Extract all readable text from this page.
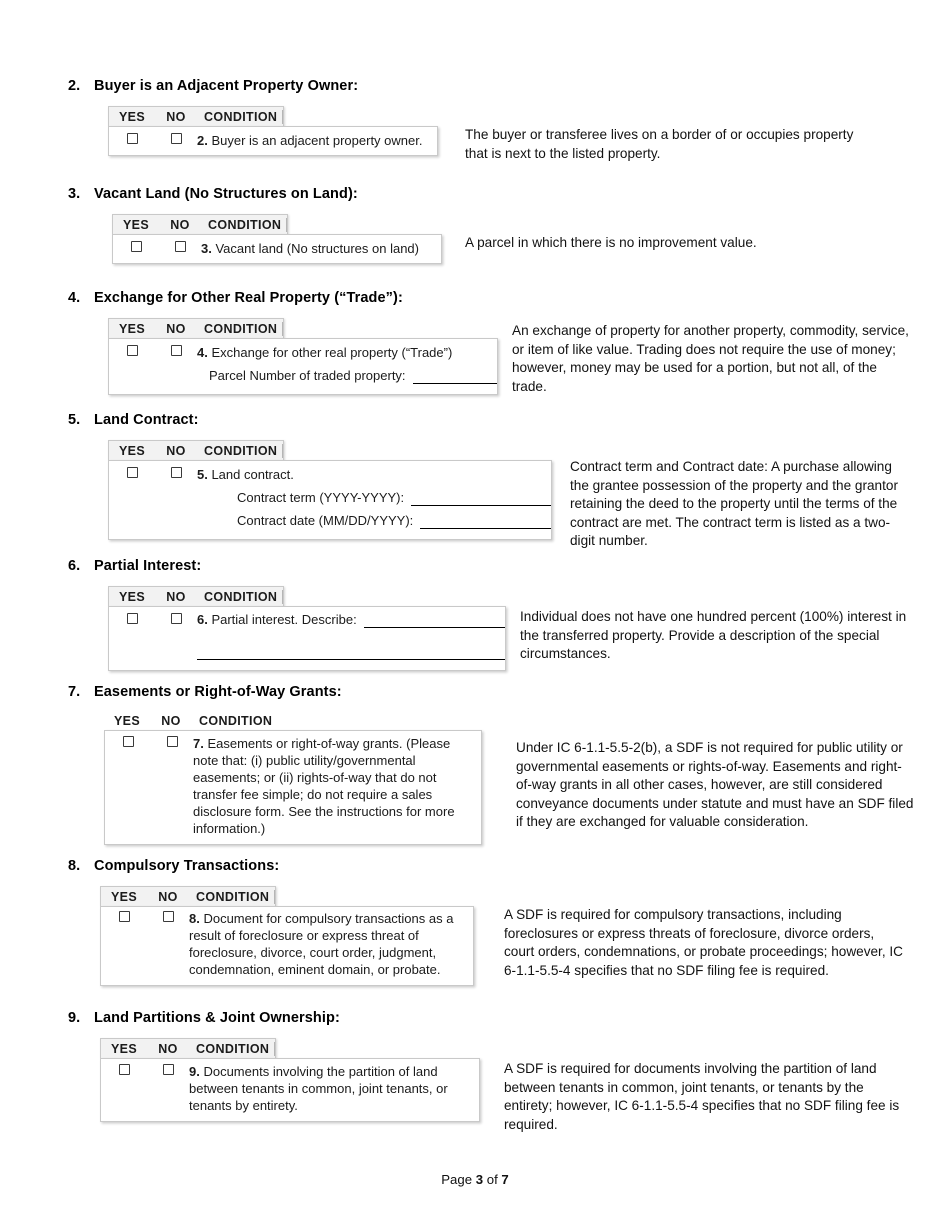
2. Buyer is an Adjacent Property Owner:
YES	NO	CONDITION
2. Buyer is an adjacent property owner.	The buyer or transferee lives on a border of or occupies property that is next to the listed property.
3. Vacant Land (No Structures on Land):
YES	NO	CONDITION
3. Vacant land (No structures on land)	A parcel in which there is no improvement value.
4. Exchange for Other Real Property (“Trade”):
YES	NO	CONDITION
4. Exchange for other real property (“Trade”)
Parcel Number of traded property:
An exchange of property for another property, commodity, service, or item of like value. Trading does not require the use of money; however, money may be used for a portion, but not all, of the trade.
5. Land Contract:
YES	NO	CONDITION
5. Land contract.
Contract term (YYYY-YYYY):
Contract date (MM/DD/YYYY):
Contract term and Contract date: A purchase allowing the grantee possession of the property and the grantor retaining the deed to the property until the terms of the contract are met. The contract term is listed as a two-digit number.
6. Partial Interest:
YES	NO	CONDITION
6. Partial interest. Describe:	Individual does not have one hundred percent (100%) interest in the transferred property. Provide a description of the special circumstances.
7. Easements or Right-of-Way Grants:
YES	NO	CONDITION
7. Easements or right-of-way grants. (Please note that: (i) public utility/governmental easements; or (ii) rights-of-way that do not transfer fee simple; do not require a sales disclosure form. See the instructions for more information.)
Under IC 6-1.1-5.5-2(b), a SDF is not required for public utility or governmental easements or rights-of-way. Easements and right-of-way grants in all other cases, however, are still considered conveyance documents under statute and must have an SDF filed if they are exchanged for valuable consideration.
8. Compulsory Transactions:
YES	NO	CONDITION
8. Document for compulsory transactions as a result of foreclosure or express threat of foreclosure, divorce, court order, judgment, condemnation, eminent domain, or probate.
A SDF is required for compulsory transactions, including foreclosures or express threats of foreclosure, divorce orders, court orders, condemnations, or probate proceedings; however, IC 6-1.1-5.5-4 specifies that no SDF filing fee is required.
9. Land Partitions & Joint Ownership:
YES	NO	CONDITION
9. Documents involving the partition of land between tenants in common, joint tenants, or tenants by entirety.
A SDF is required for documents involving the partition of land between tenants in common, joint tenants, or tenants by the entirety; however, IC 6-1.1-5.5-4 specifies that no SDF filing fee is required.
Page 3 of 7
